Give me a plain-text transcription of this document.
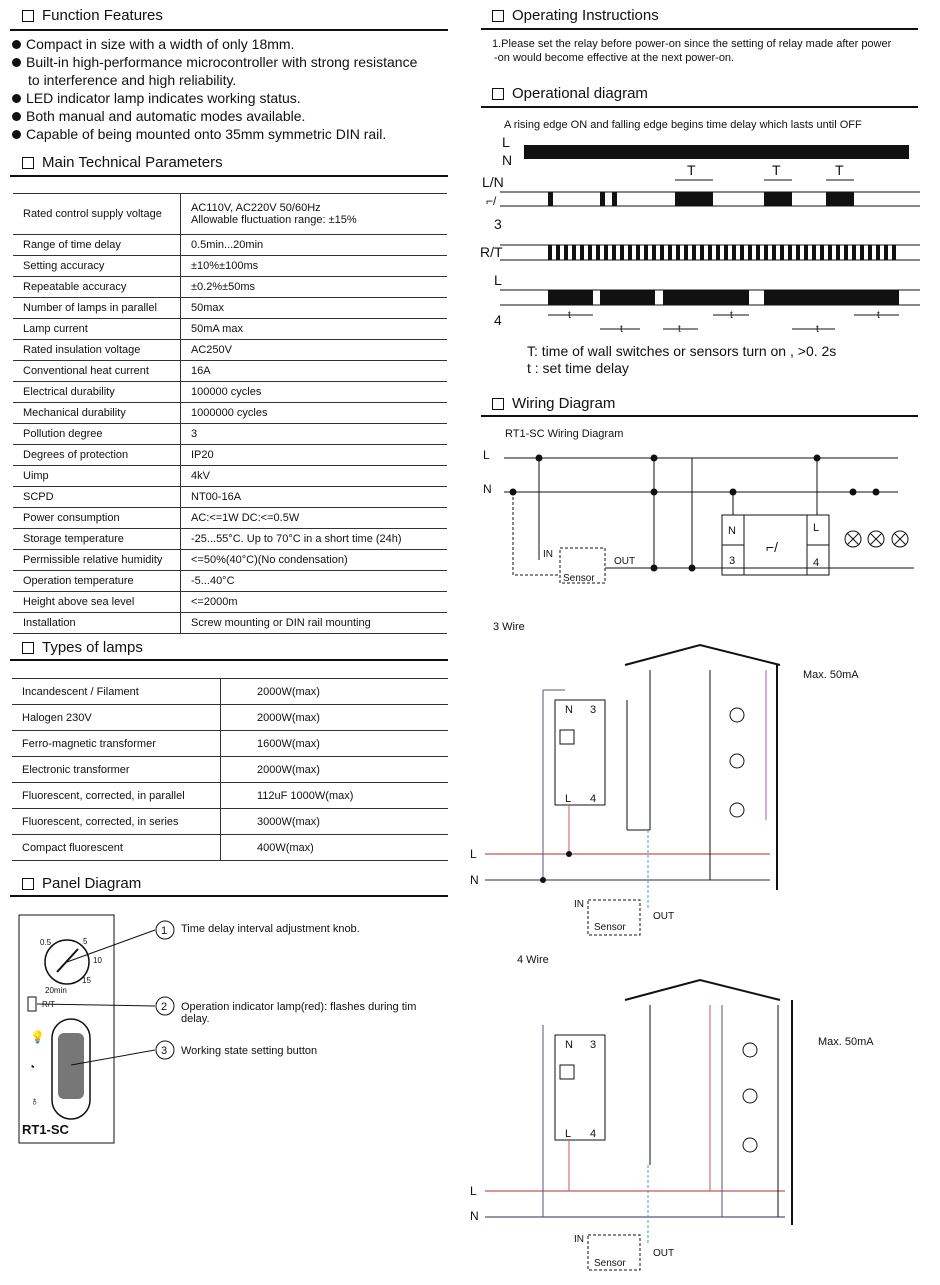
Function Features
Compact in size with a width of only 18mm.
Built-in high-performance microcontroller with strong resistance
to interference and high reliability.
LED indicator lamp indicates working status.
Both manual and automatic modes available.
Capable of being mounted onto 35mm symmetric DIN rail.
Main Technical Parameters
Rated control supply voltage	AC110V, AC220V 50/60Hz
Allowable fluctuation range: ±15%

Range of time delay	0.5min...20min
Setting accuracy	±10%±100ms
Repeatable accuracy	±0.2%±50ms
Number of lamps in parallel	50max
Lamp current	50mA max
Rated insulation voltage	AC250V
Conventional heat current	16A
Electrical durability	100000 cycles
Mechanical durability	1000000 cycles
Pollution degree	3
Degrees of protection	IP20
Uimp	4kV
SCPD	NT00-16A
Power consumption	AC:<=1W DC:<=0.5W
Storage temperature	-25...55°C. Up to 70°C in a short time (24h)
Permissible relative humidity	<=50%(40°C)(No condensation)
Operation temperature	-5...40°C
Height above sea level	<=2000m
Installation	Screw mounting or DIN rail mounting
Types of lamps
Incandescent / Filament	2000W(max)
Halogen 230V	2000W(max)
Ferro-magnetic transformer	1600W(max)
Electronic transformer	2000W(max)
Fluorescent, corrected, in parallel	112uF 1000W(max)
Fluorescent, corrected, in series	3000W(max)
Compact fluorescent	400W(max)
Panel Diagram
0.5	5
10
15
20min
R/T
💡
◔
♁
RT1-SC
1
2
3
Time delay interval adjustment knob.
Operation indicator lamp(red): flashes during tim delay.
Working state setting button
Operating Instructions
1.Please set the relay before power-on since the setting of relay made after power
-on would become effective at the next power-on.
Operational diagram
A rising edge ON and falling edge begins time delay which lasts until OFF
L
N
L/N
⌐/
3
T	T	T
R/T
L
4	t
t	t
t
t
t
T: time of wall switches or sensors turn on , >0. 2s
t : set time delay
Wiring Diagram
RT1-SC Wiring Diagram
L
N
IN
OUT
Sensor
N
3
L
4
⌐/
3 Wire
4 Wire
Max. 50mA
Max. 50mA
L
N
N 3
L 4
IN
OUT
Sensor
L
N
N 3
L 4
IN
OUT
Sensor
